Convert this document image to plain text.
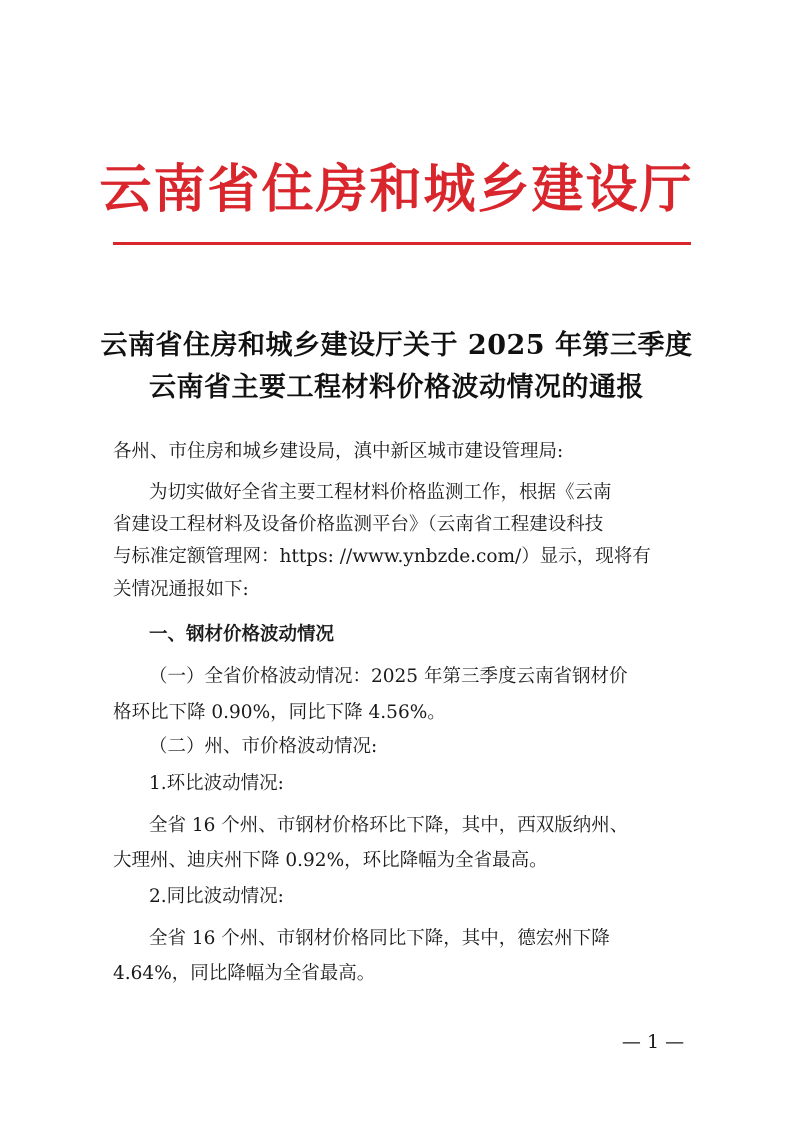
云南省住房和城乡建设厅
云南省住房和城乡建设厅关于 2025 年第三季度
云南省主要工程材料价格波动情况的通报
各州、市住房和城乡建设局，滇中新区城市建设管理局:
为切实做好全省主要工程材料价格监测工作，根据《云南
省建设工程材料及设备价格监测平台》（云南省工程建设科技
与标准定额管理网：https: //www.ynbzde.com/）显示，现将有
关情况通报如下:
一、钢材价格波动情况
（一）全省价格波动情况：2025 年第三季度云南省钢材价
格环比下降 0.90%，同比下降 4.56%。
（二）州、市价格波动情况:
1.环比波动情况:
全省 16 个州、市钢材价格环比下降，其中，西双版纳州、
大理州、迪庆州下降 0.92%，环比降幅为全省最高。
2.同比波动情况:
全省 16 个州、市钢材价格同比下降，其中，德宏州下降
4.64%，同比降幅为全省最高。
— 1 —
